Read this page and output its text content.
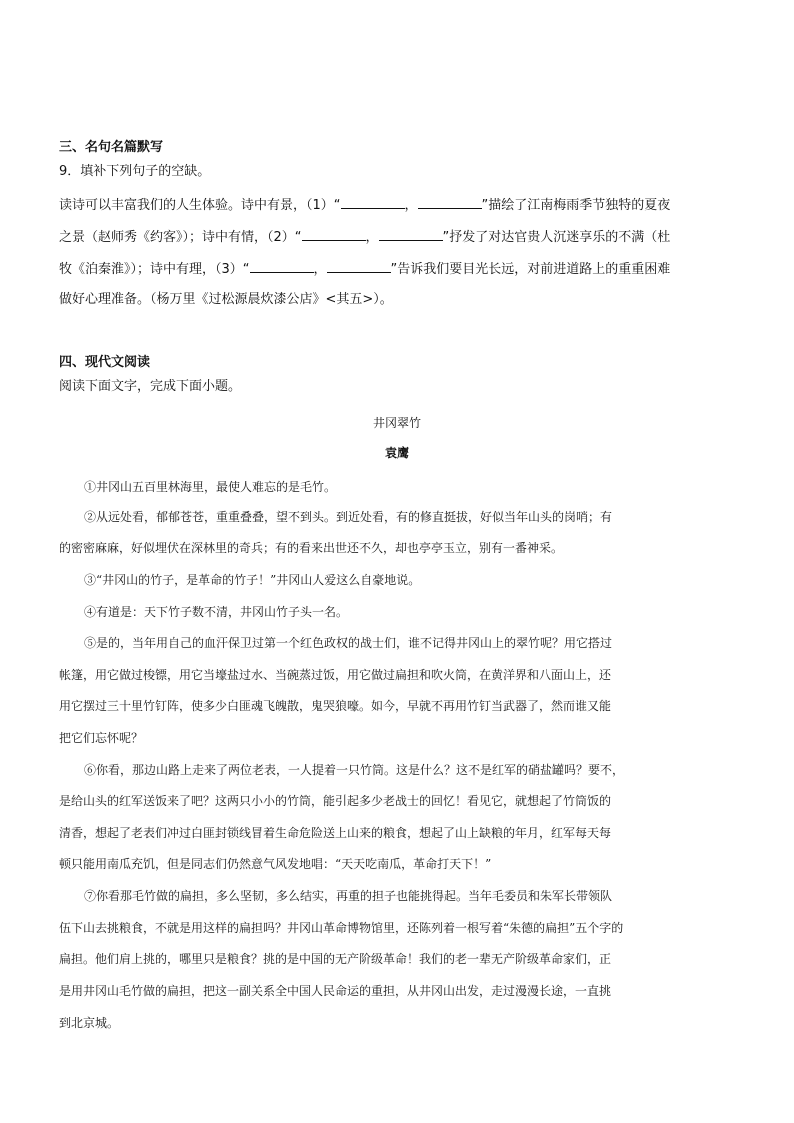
三、名句名篇默写
9．填补下列句子的空缺。
读诗可以丰富我们的人生体验。诗中有景，（1）“	，	”描绘了江南梅雨季节独特的夏夜
之景（赵师秀《约客》）；诗中有情，（2）“	，	”抒发了对达官贵人沉迷享乐的不满（杜
牧《泊秦淮》）；诗中有理，（3）“	，	”告诉我们要目光长远，对前进道路上的重重困难
做好心理准备。（杨万里《过松源晨炊漆公店》<其五>）。
四、现代文阅读
阅读下面文字，完成下面小题。
井冈翠竹
袁鹰
①井冈山五百里林海里，最使人难忘的是毛竹。
②从远处看，郁郁苍苍，重重叠叠，望不到头。到近处看，有的修直挺拔，好似当年山头的岗哨；有
的密密麻麻，好似埋伏在深林里的奇兵；有的看来出世还不久，却也亭亭玉立，别有一番神采。
③“井冈山的竹子，是革命的竹子！”井冈山人爱这么自豪地说。
④有道是：天下竹子数不清，井冈山竹子头一名。
⑤是的，当年用自己的血汗保卫过第一个红色政权的战士们，谁不记得井冈山上的翠竹呢？用它搭过
帐篷，用它做过梭镖，用它当壕盐过水、当碗蒸过饭，用它做过扁担和吹火筒，在黄洋界和八面山上，还
用它摆过三十里竹钉阵，使多少白匪魂飞魄散，鬼哭狼嚎。如今，早就不再用竹钉当武器了，然而谁又能
把它们忘怀呢？
⑥你看，那边山路上走来了两位老表，一人提着一只竹筒。这是什么？这不是红军的硝盐罐吗？要不，
是给山头的红军送饭来了吧？这两只小小的竹筒，能引起多少老战士的回忆！看见它，就想起了竹筒饭的
清香，想起了老表们冲过白匪封锁线冒着生命危险送上山来的粮食，想起了山上缺粮的年月，红军每天每
顿只能用南瓜充饥，但是同志们仍然意气风发地唱：“天天吃南瓜，革命打天下！”
⑦你看那毛竹做的扁担，多么坚韧，多么结实，再重的担子也能挑得起。当年毛委员和朱军长带领队
伍下山去挑粮食，不就是用这样的扁担吗？井冈山革命博物馆里，还陈列着一根写着“朱德的扁担”五个字的
扁担。他们肩上挑的，哪里只是粮食？挑的是中国的无产阶级革命！我们的老一辈无产阶级革命家们，正
是用井冈山毛竹做的扁担，把这一副关系全中国人民命运的重担，从井冈山出发，走过漫漫长途，一直挑
到北京城。
